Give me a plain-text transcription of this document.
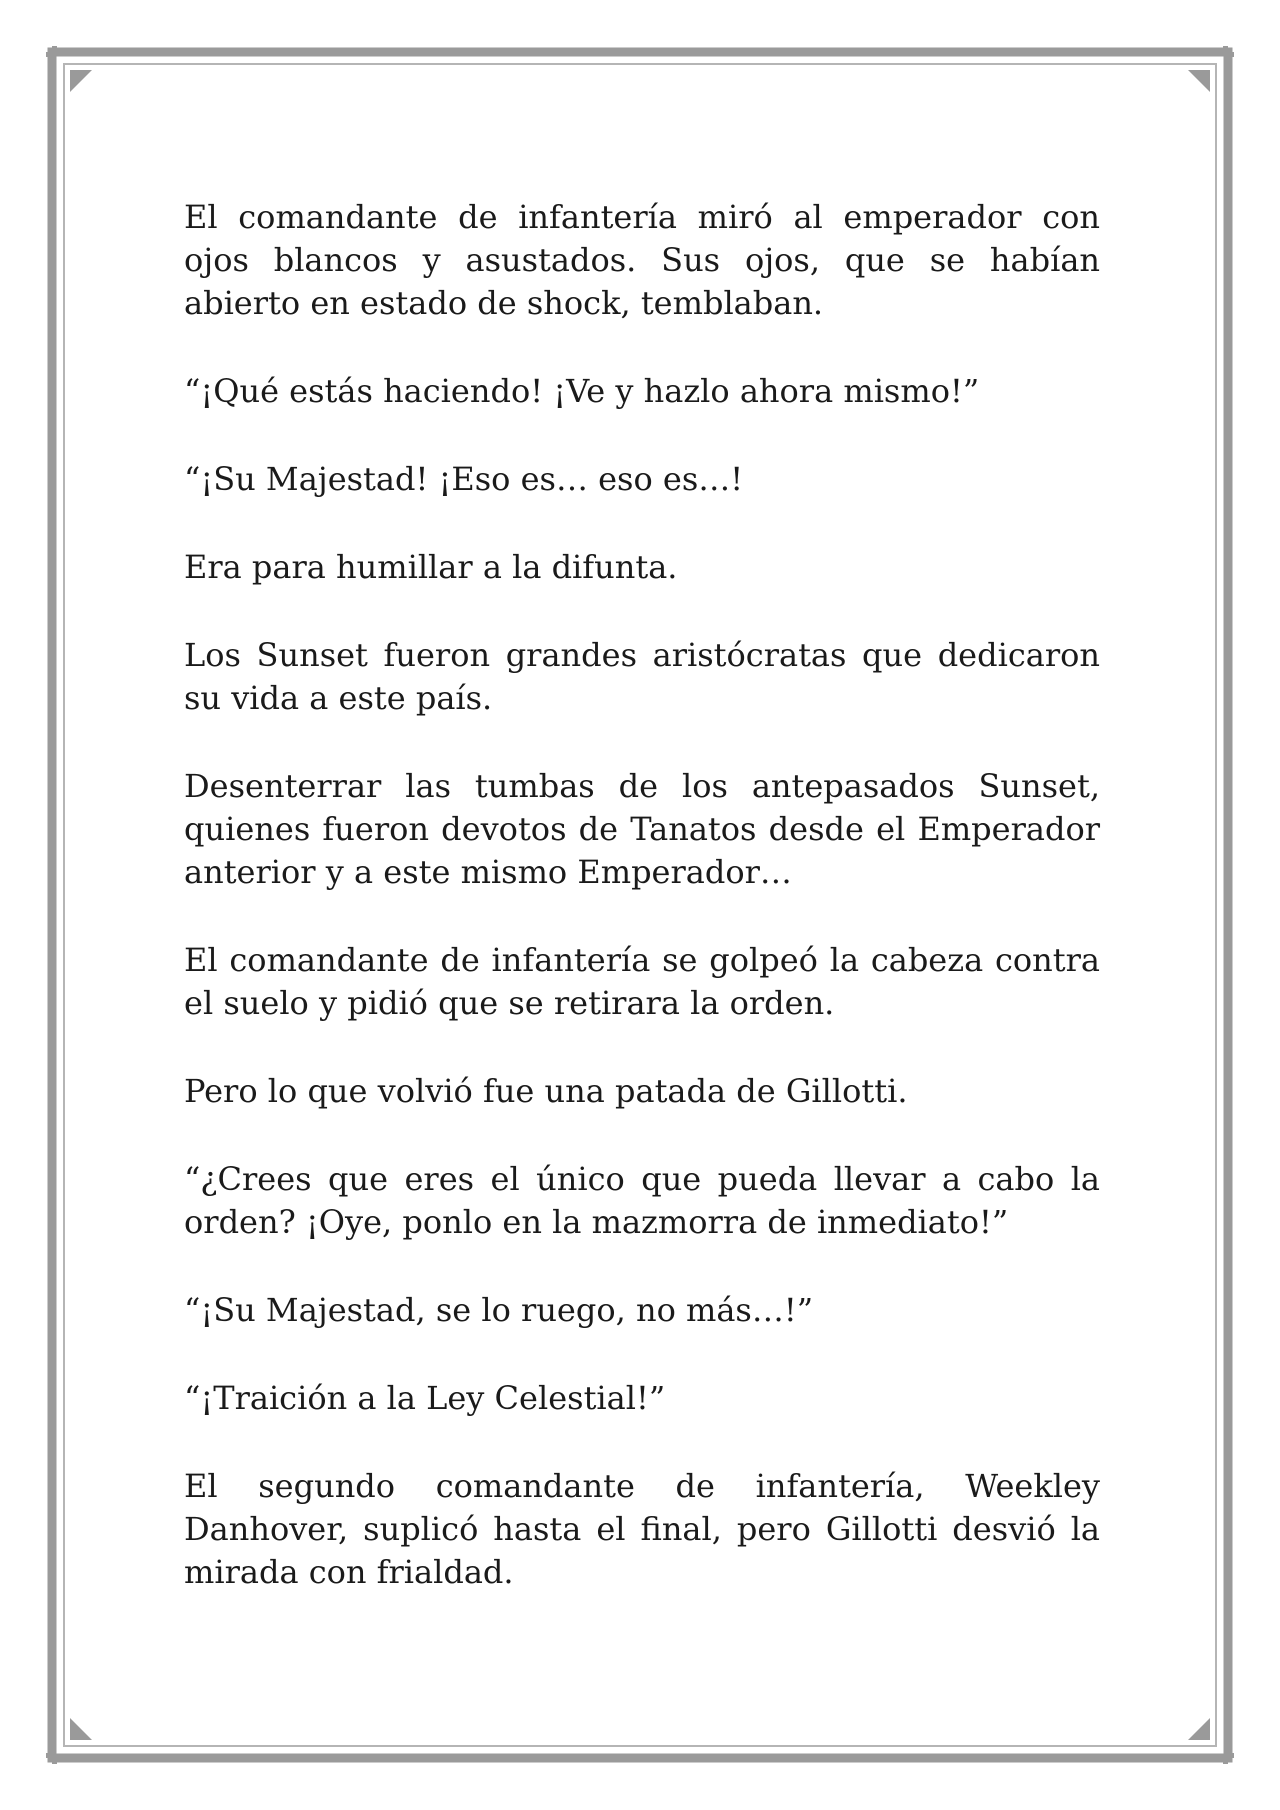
El comandante de infantería miró al emperador con ojos blancos y asustados. Sus ojos, que se habían abierto en estado de shock, temblaban.

“¡Qué estás haciendo! ¡Ve y hazlo ahora mismo!”

“¡Su Majestad! ¡Eso es… eso es…!

Era para humillar a la difunta.

Los Sunset fueron grandes aristócratas que dedicaron su vida a este país.

Desenterrar las tumbas de los antepasados Sunset, quienes fueron devotos de Tanatos desde el Emperador anterior y a este mismo Emperador…

El comandante de infantería se golpeó la cabeza contra el suelo y pidió que se retirara la orden.

Pero lo que volvió fue una patada de Gillotti.

“¿Crees que eres el único que pueda llevar a cabo la orden? ¡Oye, ponlo en la mazmorra de inmediato!”

“¡Su Majestad, se lo ruego, no más…!”

“¡Traición a la Ley Celestial!”

El segundo comandante de infantería, Weekley Danhover, suplicó hasta el final, pero Gillotti desvió la mirada con frialdad.
